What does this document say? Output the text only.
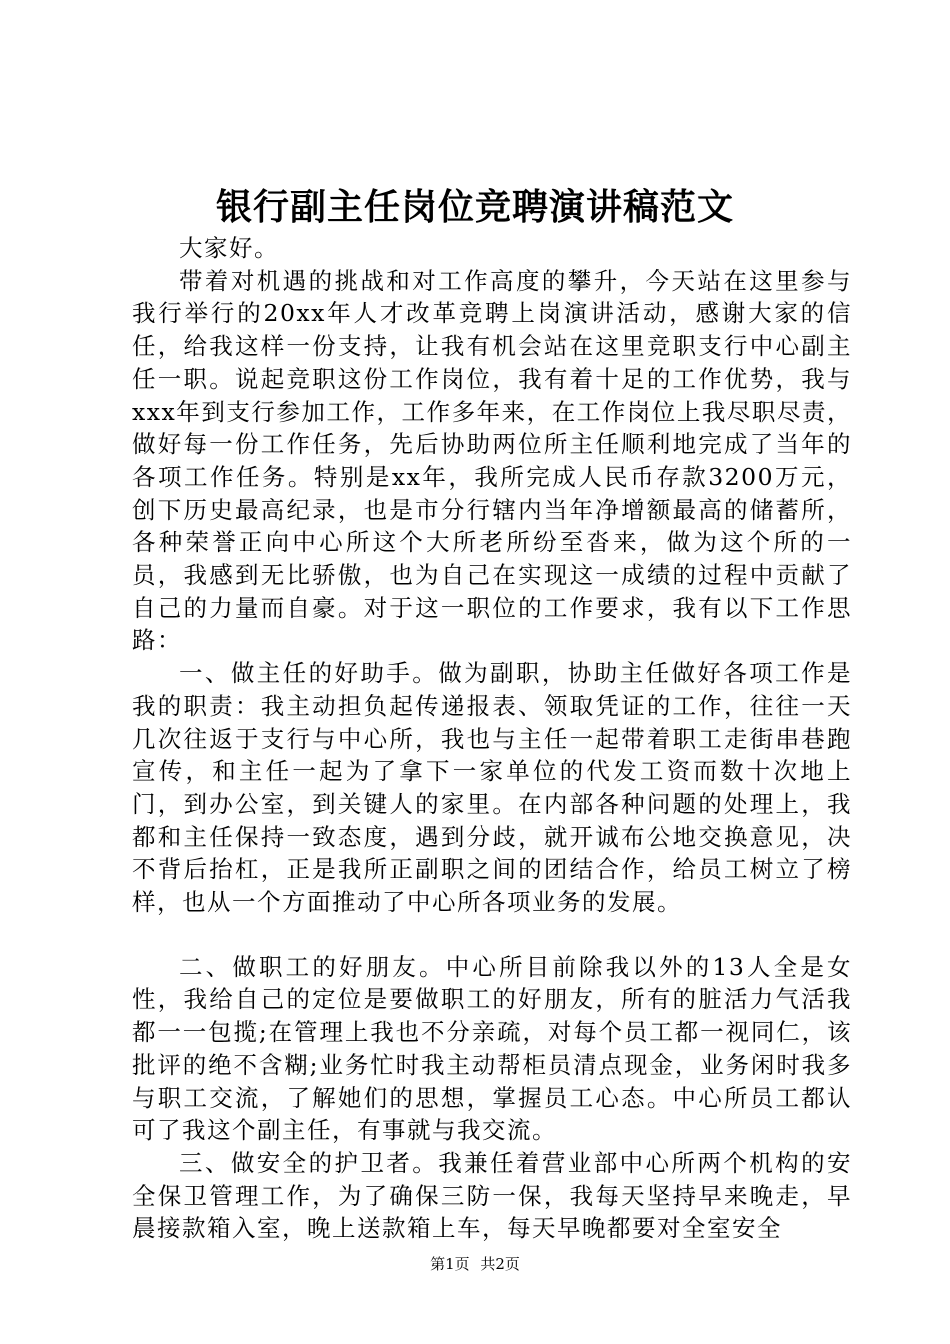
银行副主任岗位竞聘演讲稿范文

大家好。

带着对机遇的挑战和对工作高度的攀升，今天站在这里参与我行举行的20xx年人才改革竞聘上岗演讲活动，感谢大家的信任，给我这样一份支持，让我有机会站在这里竞职支行中心副主任一职。说起竞职这份工作岗位，我有着十足的工作优势，我与xxx年到支行参加工作，工作多年来，在工作岗位上我尽职尽责，做好每一份工作任务，先后协助两位所主任顺利地完成了当年的各项工作任务。特别是xx年，我所完成人民币存款3200万元，创下历史最高纪录，也是市分行辖内当年净增额最高的储蓄所，各种荣誉正向中心所这个大所老所纷至沓来，做为这个所的一员，我感到无比骄傲，也为自己在实现这一成绩的过程中贡献了自己的力量而自豪。对于这一职位的工作要求，我有以下工作思路：

一、做主任的好助手。做为副职，协助主任做好各项工作是我的职责：我主动担负起传递报表、领取凭证的工作，往往一天几次往返于支行与中心所，我也与主任一起带着职工走街串巷跑宣传，和主任一起为了拿下一家单位的代发工资而数十次地上门，到办公室，到关键人的家里。在内部各种问题的处理上，我都和主任保持一致态度，遇到分歧，就开诚布公地交换意见，决不背后抬杠，正是我所正副职之间的团结合作，给员工树立了榜样，也从一个方面推动了中心所各项业务的发展。

二、做职工的好朋友。中心所目前除我以外的13人全是女性，我给自己的定位是要做职工的好朋友，所有的脏活力气活我都一一包揽;在管理上我也不分亲疏，对每个员工都一视同仁，该批评的绝不含糊;业务忙时我主动帮柜员清点现金，业务闲时我多与职工交流，了解她们的思想，掌握员工心态。中心所员工都认可了我这个副主任，有事就与我交流。

三、做安全的护卫者。我兼任着营业部中心所两个机构的安全保卫管理工作，为了确保三防一保，我每天坚持早来晚走，早晨接款箱入室，晚上送款箱上车，每天早晚都要对全室安全

第1页 共2页
